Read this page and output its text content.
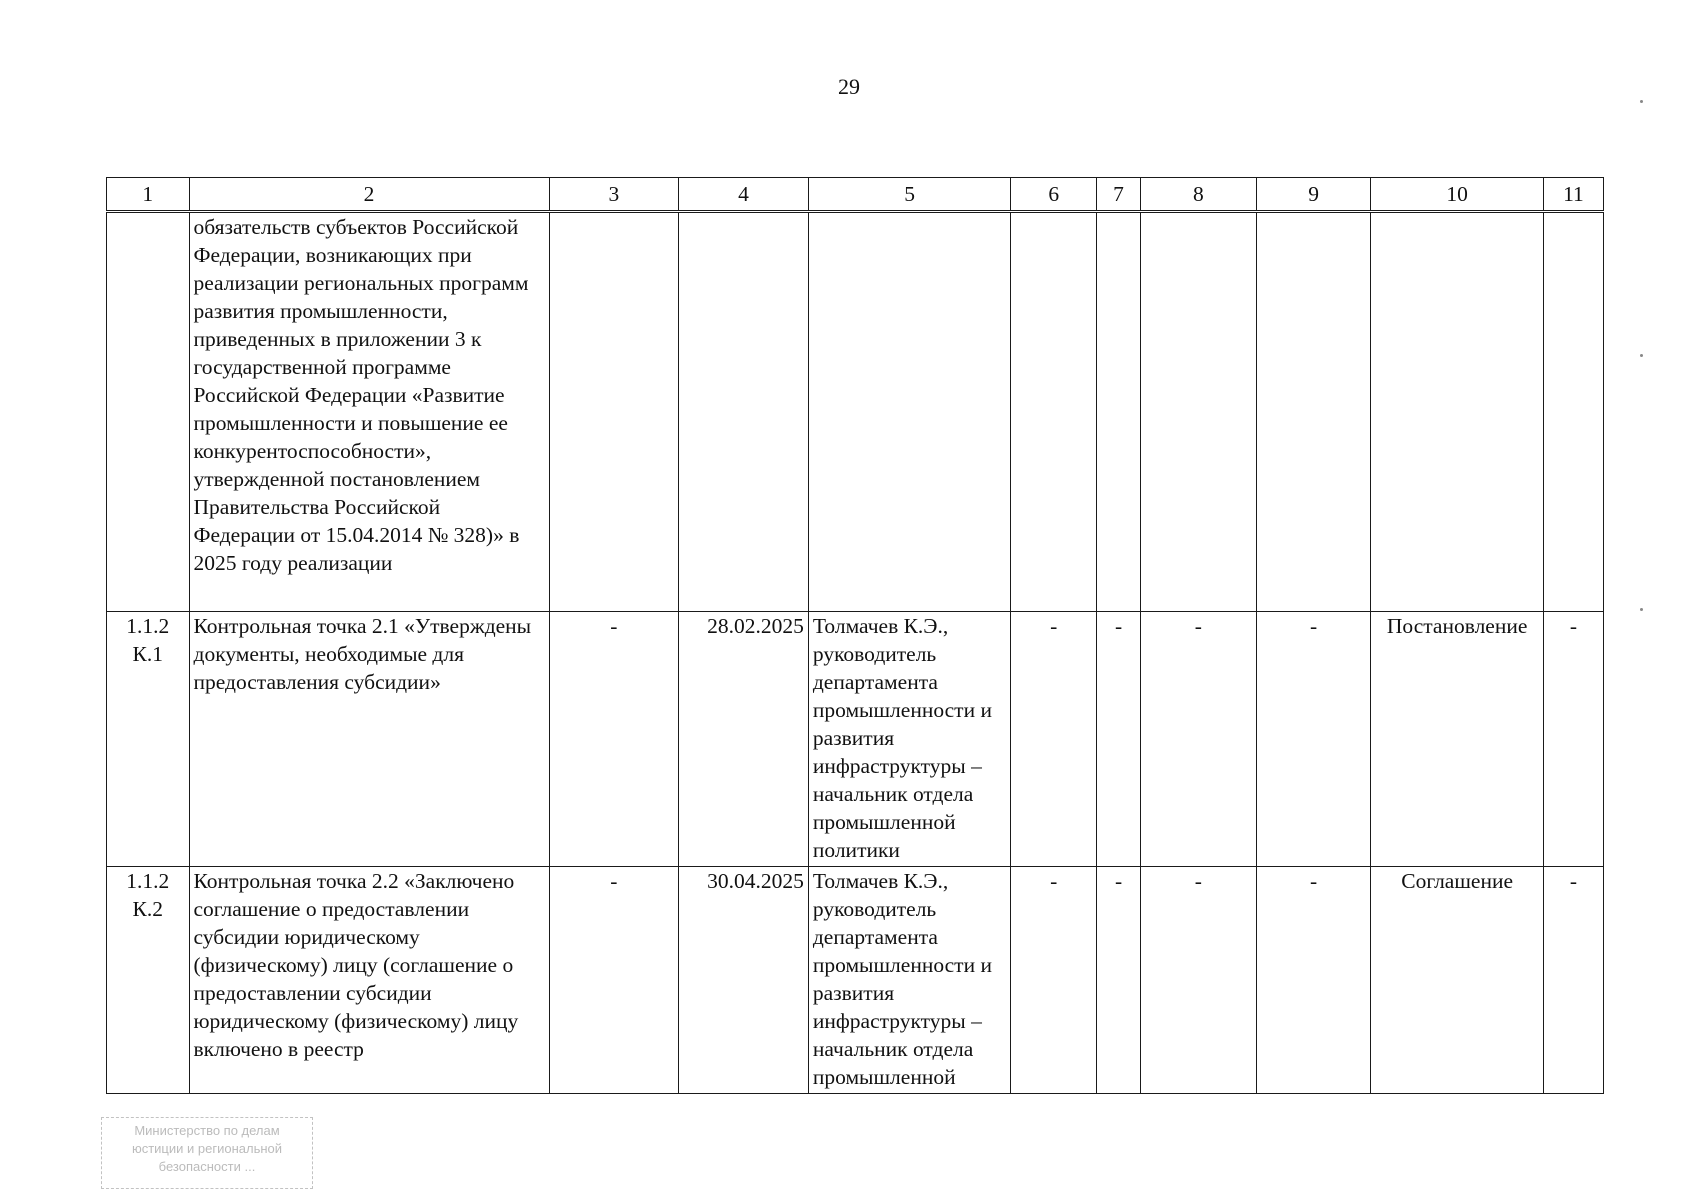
29
1	2	3	4	5	6	7	8	9	10	11
	обязательств субъектов Российской Федерации, возникающих при реализации региональных программ развития промышленности, приведенных в приложении 3 к государственной программе Российской Федерации «Развитие промышленности и повышение ее конкурентоспособности», утвержденной постановлением Правительства Российской Федерации от 15.04.2014 № 328)» в 2025 году реализации									
1.1.2 К.1	Контрольная точка 2.1 «Утверждены документы, необходимые для предоставления субсидии»	-	28.02.2025	Толмачев К.Э., руководитель департамента промышленности и развития инфраструктуры – начальник отдела промышленной политики	-	-	-	-	Постановление	-
1.1.2 К.2	Контрольная точка 2.2 «Заключено соглашение о предоставлении субсидии юридическому (физическому) лицу (соглашение о предоставлении субсидии юридическому (физическому) лицу включено в реестр	-	30.04.2025	Толмачев К.Э., руководитель департамента промышленности и развития инфраструктуры – начальник отдела промышленной	-	-	-	-	Соглашение	-
Министерство по делам
юстиции и региональной
безопасности ...
